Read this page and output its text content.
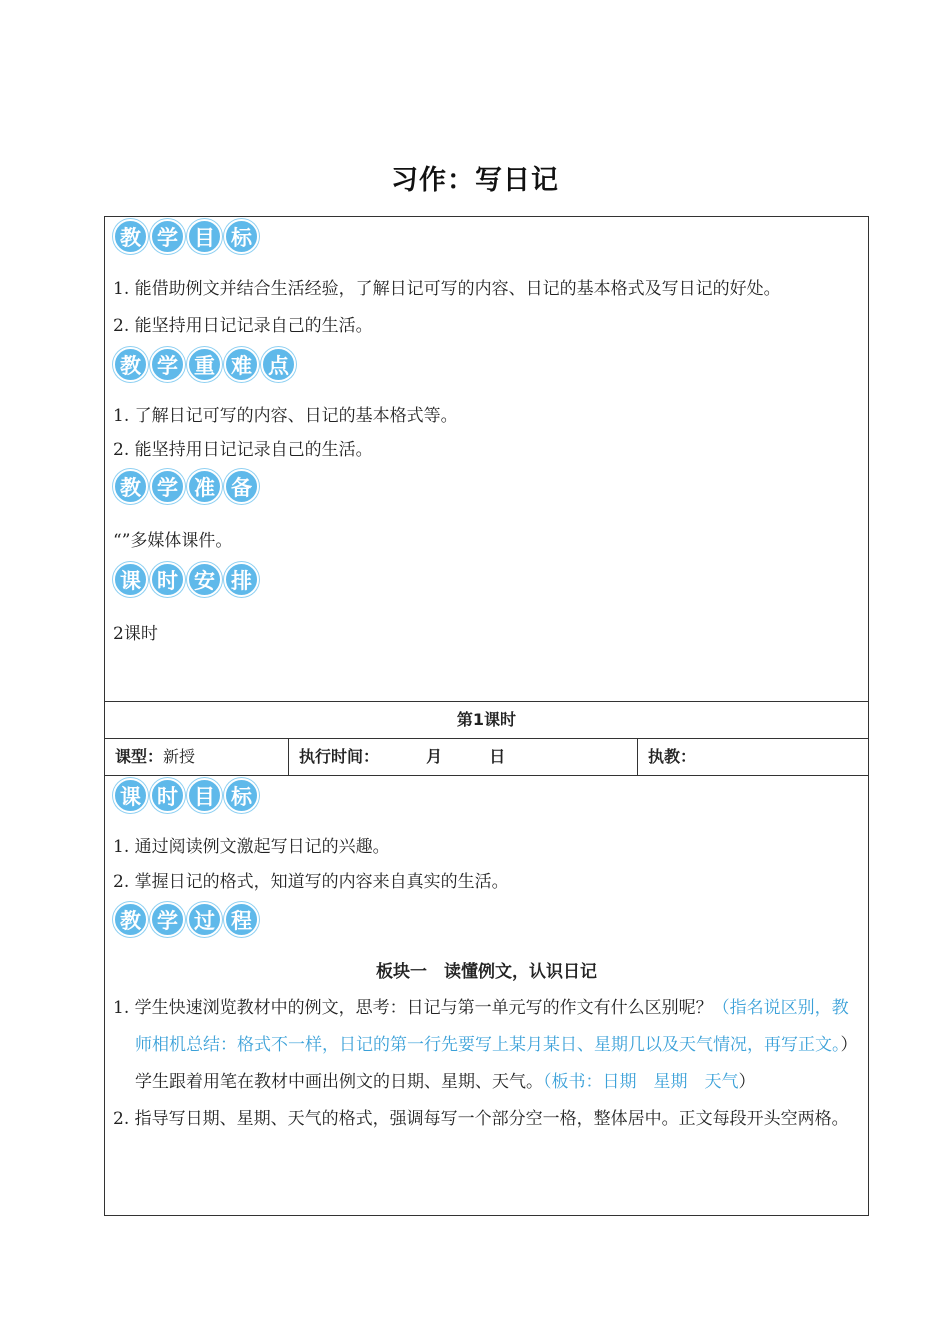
习作：写日记
教 学 目 标

1. 能借助例文并结合生活经验，了解日记可写的内容、日记的基本格式及写日记的好处。

2. 能坚持用日记记录自己的生活。

教 学 重 难 点

1. 了解日记可写的内容、日记的基本格式等。

2. 能坚持用日记记录自己的生活。

教 学 准 备

“”多媒体课件。

课 时 安 排

2课时

第1课时
课型：新授	执行时间：	月	日	执教：
课 时 目 标

1. 通过阅读例文激起写日记的兴趣。

2. 掌握日记的格式，知道写的内容来自真实的生活。

教 学 过 程
板块一　读懂例文，认识日记

1. 学生快速浏览教材中的例文，思考：日记与第一单元写的作文有什么区别呢？（指名说区别，教师相机总结：格式不一样，日记的第一行先要写上某月某日、星期几以及天气情况，再写正文。）学生跟着用笔在教材中画出例文的日期、星期、天气。（板书：日期　星期　天气）

2. 指导写日期、星期、天气的格式，强调每写一个部分空一格，整体居中。正文每段开头空两格。
